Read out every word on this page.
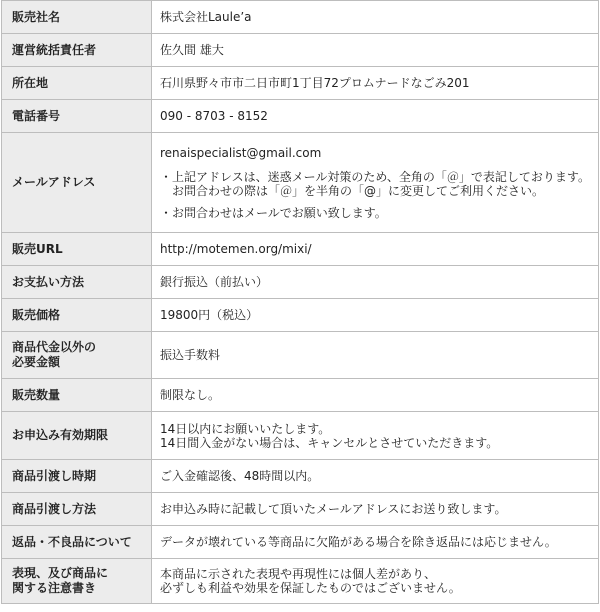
販売社名	株式会社Laule’a
運営統括責任者	佐久間 雄大
所在地	石川県野々市市二日市町1丁目72プロムナードなごみ201
電話番号	090 - 8703 - 8152
メールアドレス	renaispecialist@gmail.com
・上記アドレスは、迷惑メール対策のため、全角の「＠」で表記しております。
お問合わせの際は「＠」を半角の「@」に変更してご利用ください。
・お問合わせはメールでお願い致します。

販売URL	http://motemen.org/mixi/
お支払い方法	銀行振込（前払い）
販売価格	19800円（税込）

商品代金以外の
必要金額	振込手数料
販売数量	制限なし。
お申込み有効期限	14日以内にお願いいたします。
14日間入金がない場合は、キャンセルとさせていただきます。

商品引渡し時期	ご入金確認後、48時間以内。
商品引渡し方法	お申込み時に記載して頂いたメールアドレスにお送り致します。
返品・不良品について	データが壊れている等商品に欠陥がある場合を除き返品には応じません。

表現、及び商品に
関する注意書き	本商品に示された表現や再現性には個人差があり、
必ずしも利益や効果を保証したものではございません。
